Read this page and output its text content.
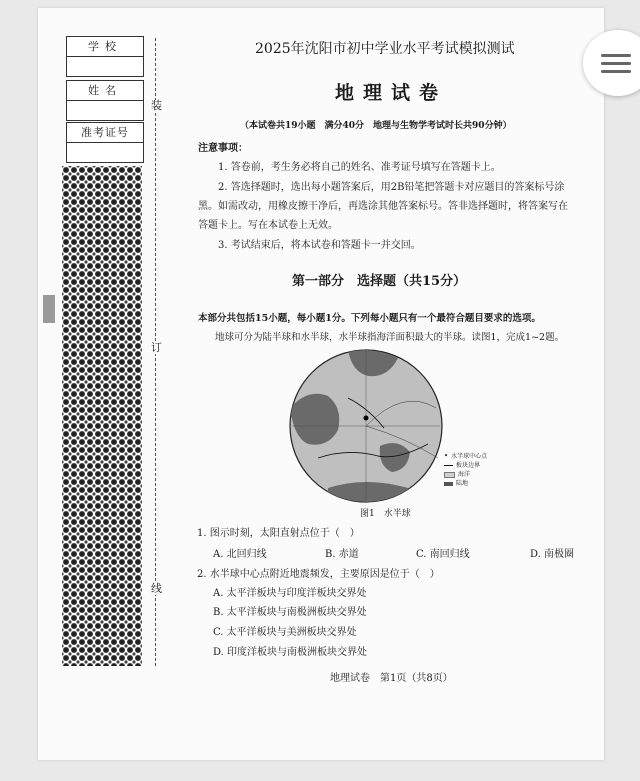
学校
姓名
准考证号
装
订
线
2025年沈阳市初中学业水平考试模拟测试
地理试卷
（本试卷共19小题　满分40分　地理与生物学考试时长共90分钟）
注意事项：
1. 答卷前，考生务必将自己的姓名、准考证号填写在答题卡上。
2. 答选择题时，选出每小题答案后，用2B铅笔把答题卡对应题目的答案标号涂
黑。如需改动，用橡皮擦干净后，再选涂其他答案标号。答非选择题时，将答案写在
答题卡上。写在本试卷上无效。
3. 考试结束后，将本试卷和答题卡一并交回。
第一部分　选择题（共15分）
本部分共包括15小题，每小题1分。下列每小题只有一个最符合题目要求的选项。
地球可分为陆半球和水半球，水半球指海洋面积最大的半球。读图1，完成1~2题。
• 水半球中心点
板块边界
海洋
陆地
图1　水半球
1. 图示时刻，太阳直射点位于（　）
A. 北回归线	B. 赤道	C. 南回归线	D. 南极圈
2. 水半球中心点附近地震频发，主要原因是位于（　）
A. 太平洋板块与印度洋板块交界处
B. 太平洋板块与南极洲板块交界处
C. 太平洋板块与美洲板块交界处
D. 印度洋板块与南极洲板块交界处
地理试卷　第1页（共8页）
